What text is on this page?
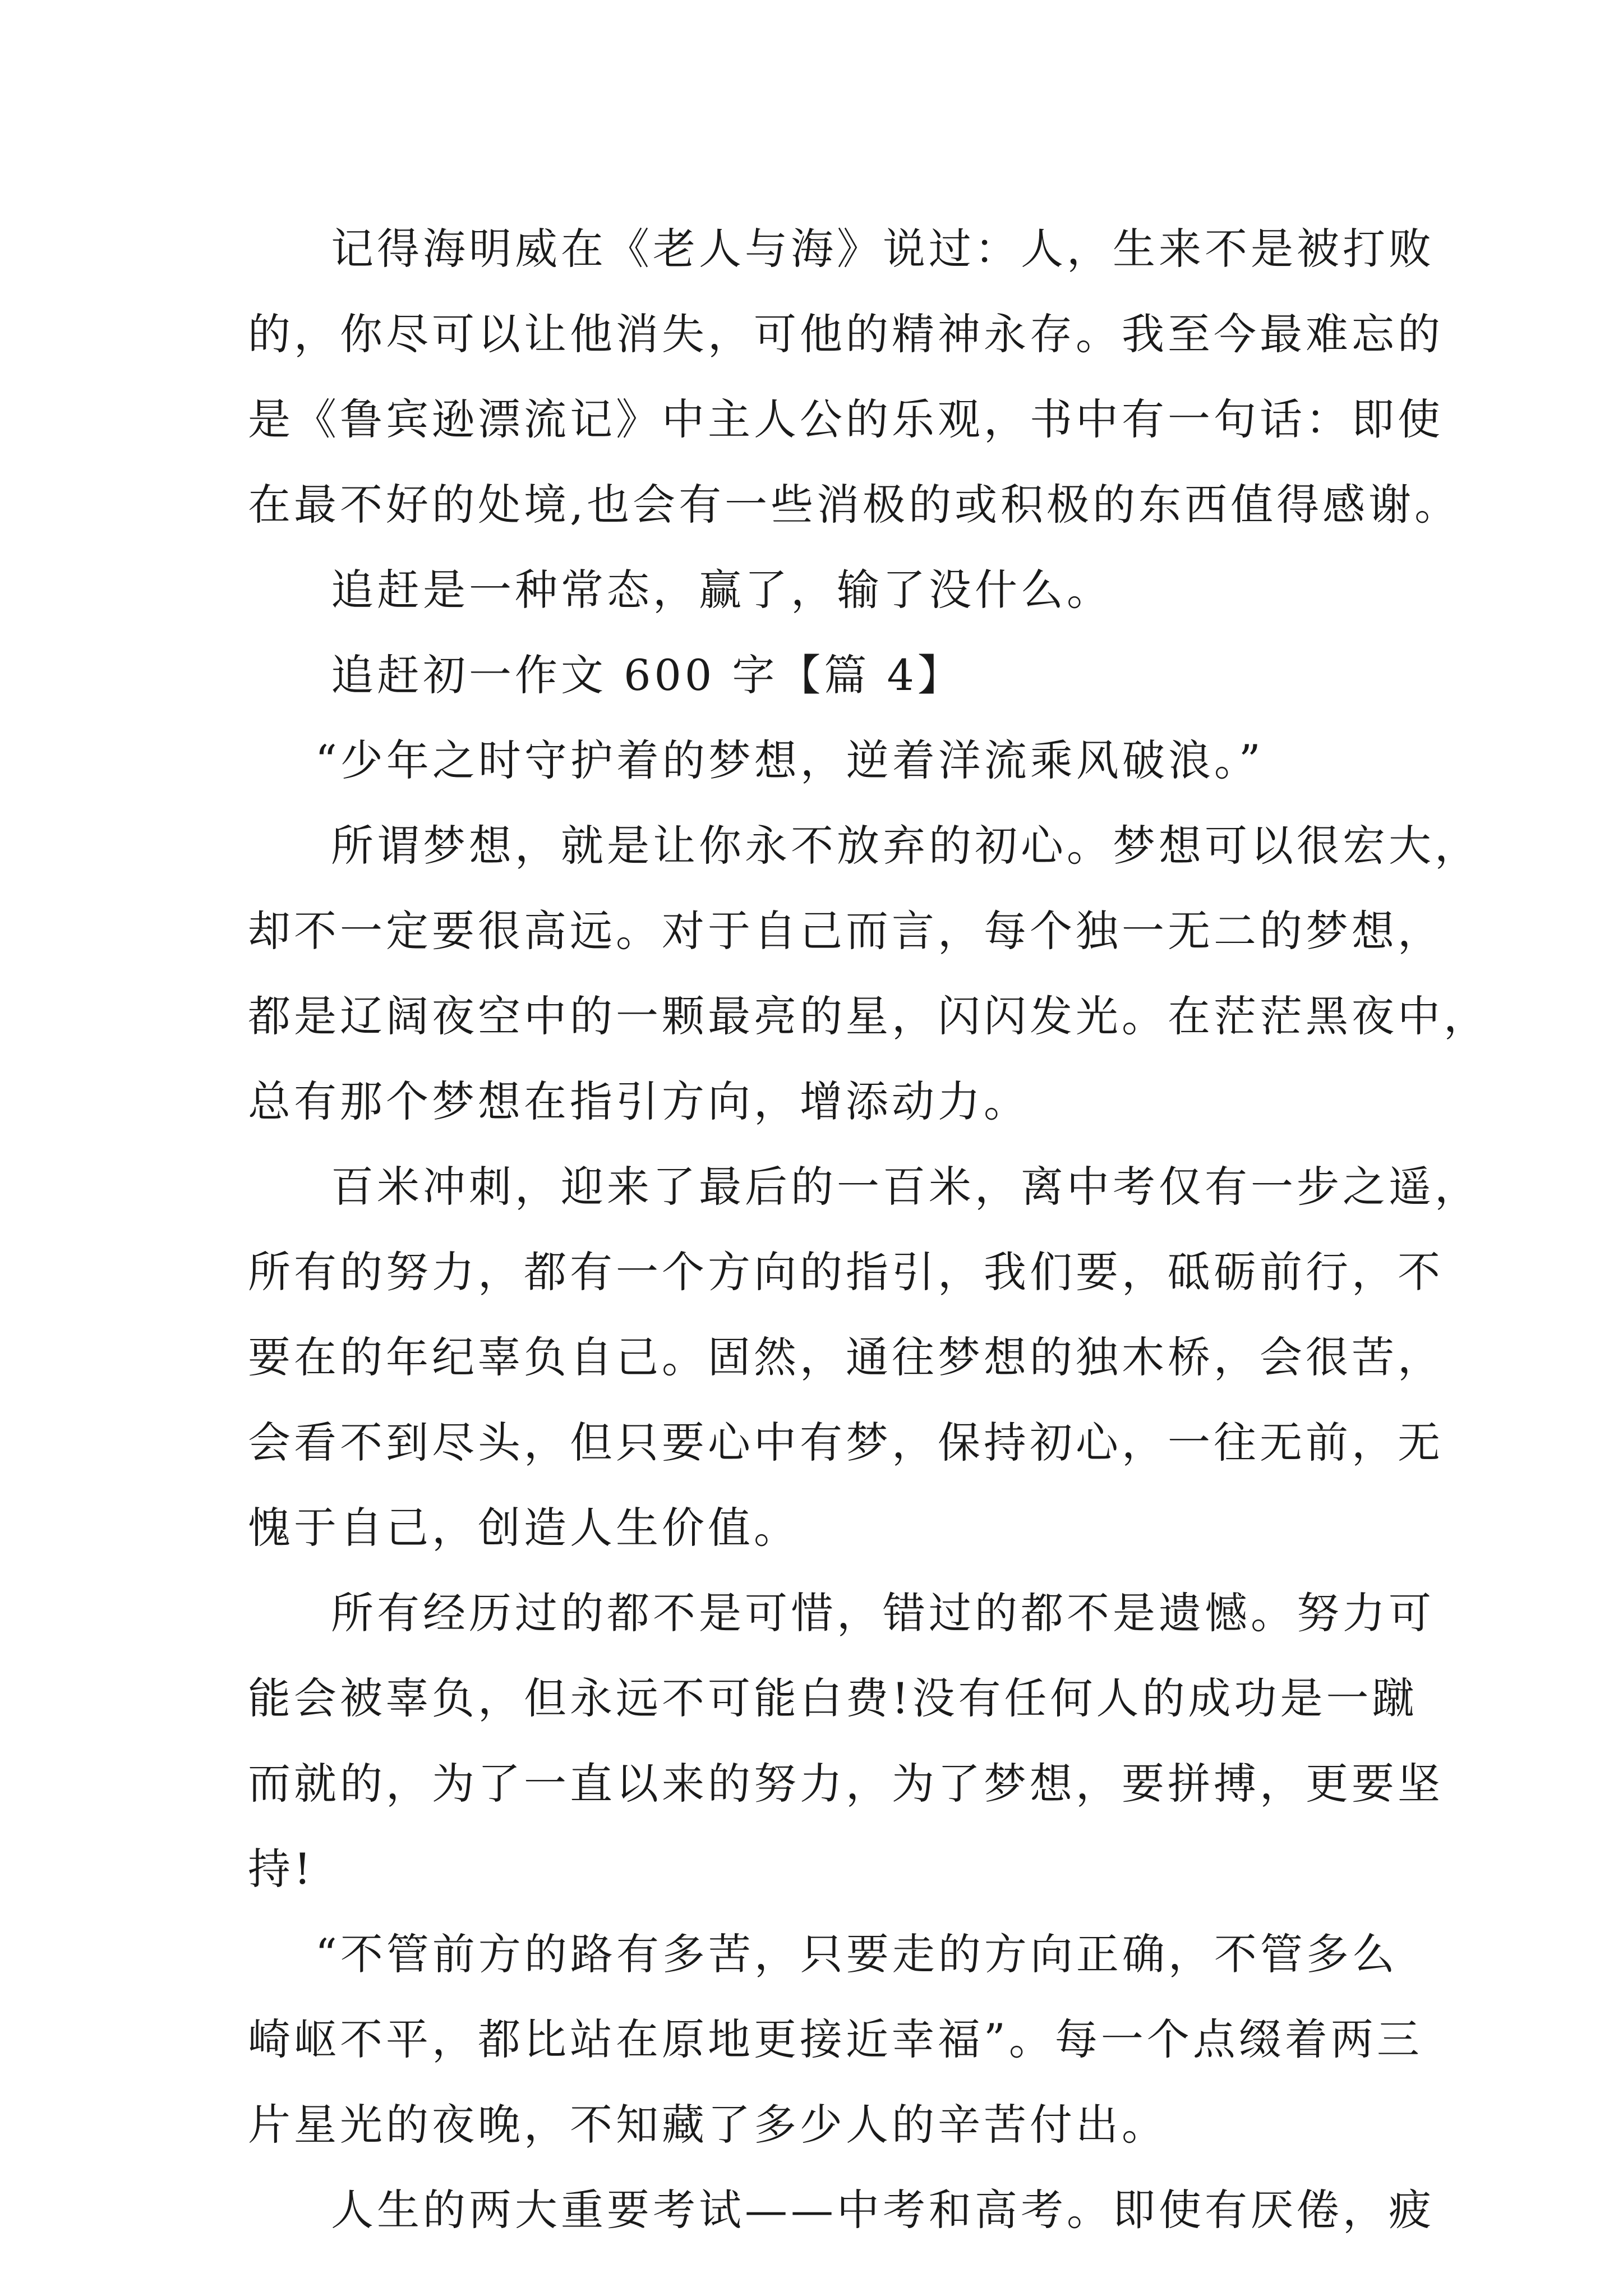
记得海明威在《老人与海》说过：人，生来不是被打败
的，你尽可以让他消失，可他的精神永存。我至今最难忘的
是《鲁宾逊漂流记》中主人公的乐观，书中有一句话：即使
在最不好的处境,也会有一些消极的或积极的东西值得感谢。
追赶是一种常态，赢了，输了没什么。
追赶初一作文 600 字【篇 4】
“少年之时守护着的梦想，逆着洋流乘风破浪。”
所谓梦想，就是让你永不放弃的初心。梦想可以很宏大，
却不一定要很高远。对于自己而言，每个独一无二的梦想，
都是辽阔夜空中的一颗最亮的星，闪闪发光。在茫茫黑夜中，
总有那个梦想在指引方向，增添动力。
百米冲刺，迎来了最后的一百米，离中考仅有一步之遥，
所有的努力，都有一个方向的指引，我们要，砥砺前行，不
要在的年纪辜负自己。固然，通往梦想的独木桥，会很苦，
会看不到尽头，但只要心中有梦，保持初心，一往无前，无
愧于自己，创造人生价值。
所有经历过的都不是可惜，错过的都不是遗憾。努力可
能会被辜负，但永远不可能白费!没有任何人的成功是一蹴
而就的，为了一直以来的努力，为了梦想，要拼搏，更要坚
持!
“不管前方的路有多苦，只要走的方向正确，不管多么
崎岖不平，都比站在原地更接近幸福”。每一个点缀着两三
片星光的夜晚，不知藏了多少人的辛苦付出。
人生的两大重要考试——中考和高考。即使有厌倦，疲
